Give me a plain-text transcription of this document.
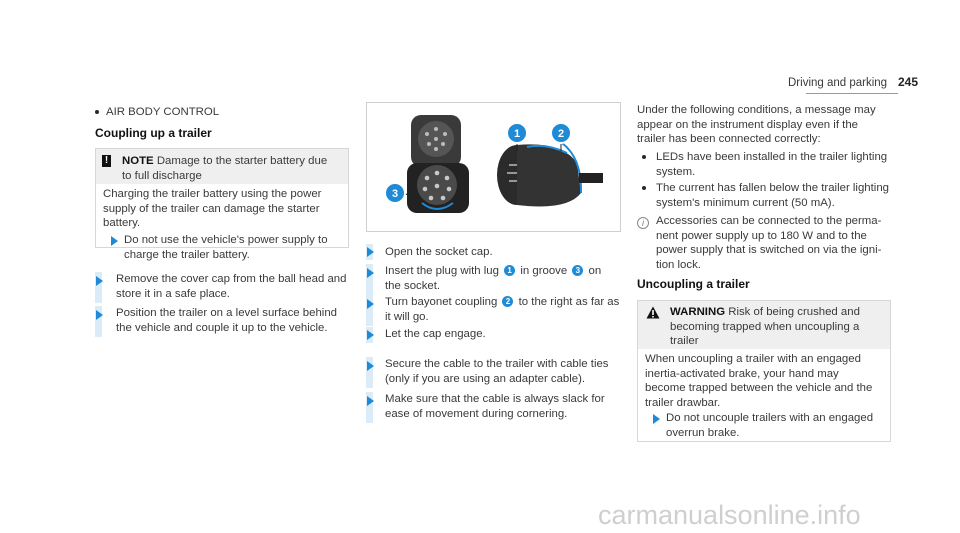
Driving and parking 245
AIR BODY CONTROL
Coupling up a trailer
! NOTE Damage to the starter battery due
to full discharge
Charging the trailer battery using the power
supply of the trailer can damage the starter
battery.
Do not use the vehicle's power supply to
charge the trailer battery.
Remove the cover cap from the ball head and
store it in a safe place.
Position the trailer on a level surface behind
the vehicle and couple it up to the vehicle.
1	2
3
Open the socket cap.
Insert the plug with lug 1 in groove 3 on
the socket.
Turn bayonet coupling 2 to the right as far as
it will go.
Let the cap engage.
Secure the cable to the trailer with cable ties
(only if you are using an adapter cable).
Make sure that the cable is always slack for
ease of movement during cornering.
Under the following conditions, a message may
appear on the instrument display even if the
trailer has been connected correctly:
LEDs have been installed in the trailer lighting
system.
The current has fallen below the trailer lighting
system's minimum current (50 mA).
i	Accessories can be connected to the perma-
nent power supply up to 180 W and to the
power supply that is switched on via the igni-
tion lock.
Uncoupling a trailer
WARNING Risk of being crushed and
becoming trapped when uncoupling a
trailer
When uncoupling a trailer with an engaged
inertia-activated brake, your hand may
become trapped between the vehicle and the
trailer drawbar.
Do not uncouple trailers with an engaged
overrun brake.
carmanualsonline.info
